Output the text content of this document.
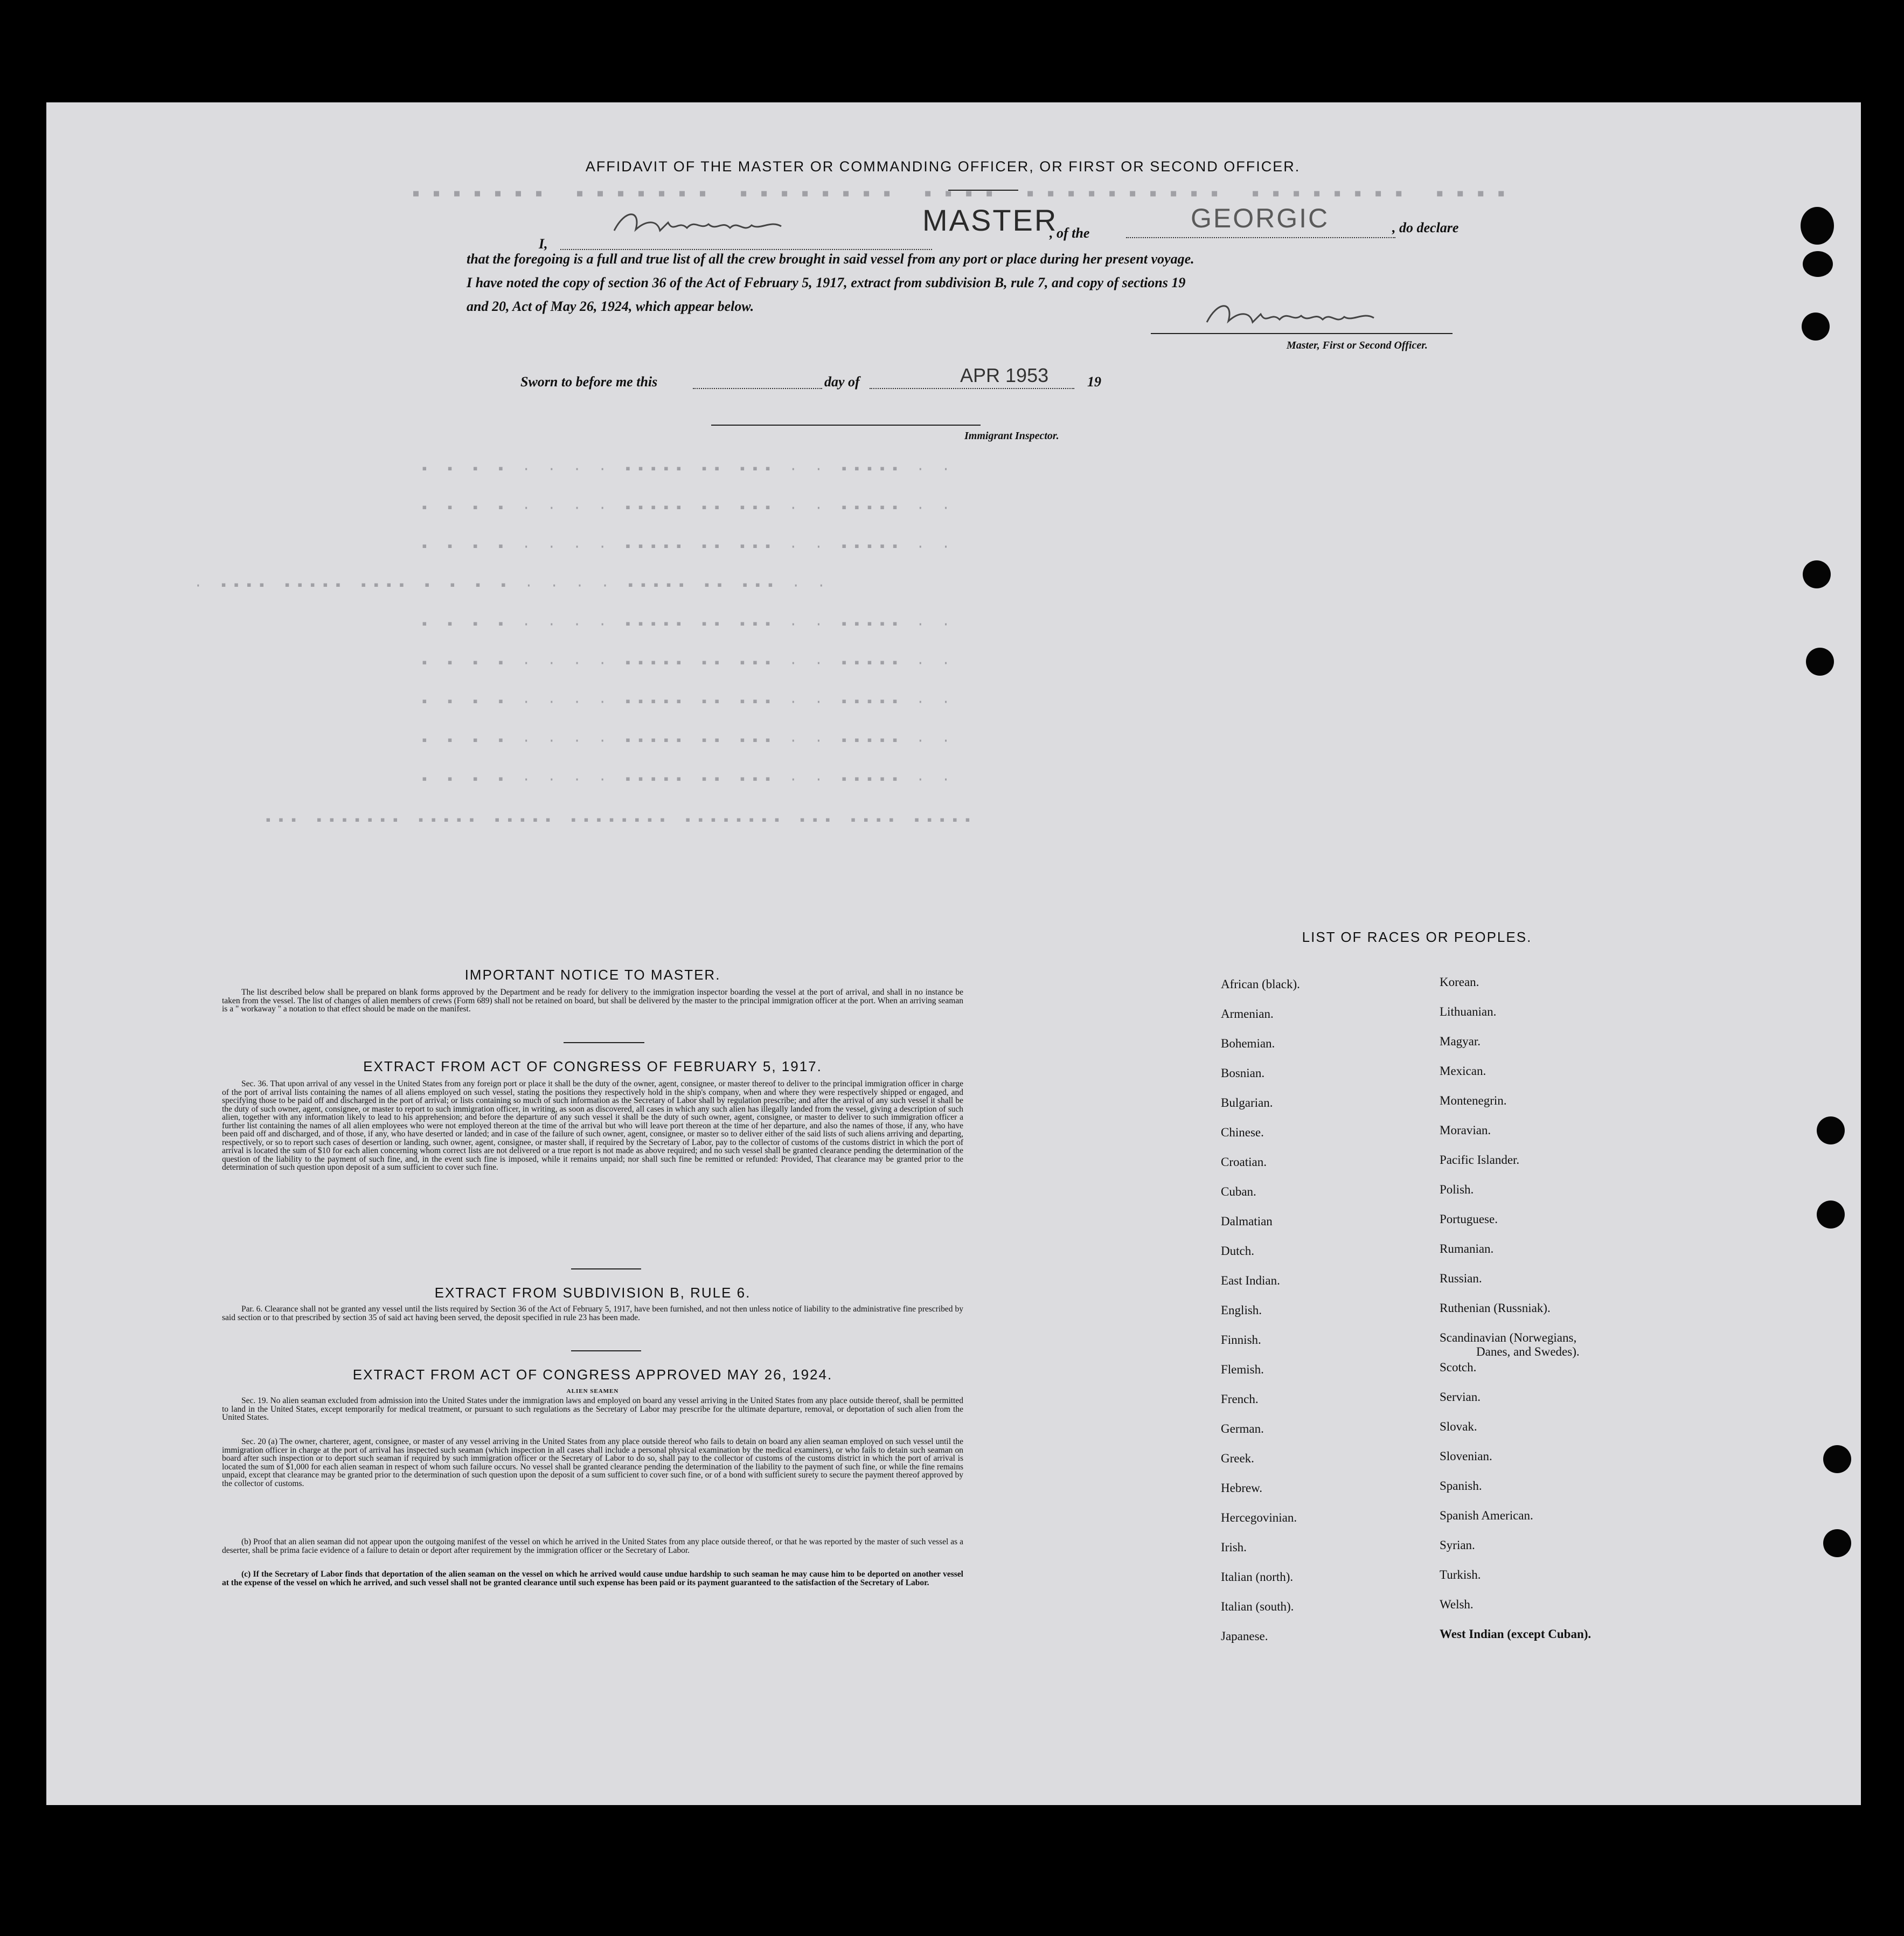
▪▪▪▪▪▪▪ ▪▪▪▪▪▪▪ ▪▪▪▪▪▪▪▪ ▪▪▪▪ ▪▪▪▪▪▪▪▪▪▪ ▪▪▪▪▪▪▪▪ ▪▪▪▪
▪ ▪ ▪ ▪ · · · · ▪▪▪▪▪ ▪▪ ▪▪▪ · · ▪▪▪▪▪ · ·
▪ ▪ ▪ ▪ · · · · ▪▪▪▪▪ ▪▪ ▪▪▪ · · ▪▪▪▪▪ · ·
▪ ▪ ▪ ▪ · · · · ▪▪▪▪▪ ▪▪ ▪▪▪ · · ▪▪▪▪▪ · ·
· ▪▪▪▪ ▪▪▪▪▪ ▪▪▪▪ ▪ ▪ ▪ ▪ · · · · ▪▪▪▪▪ ▪▪ ▪▪▪ · ·
▪ ▪ ▪ ▪ · · · · ▪▪▪▪▪ ▪▪ ▪▪▪ · · ▪▪▪▪▪ · ·
▪ ▪ ▪ ▪ · · · · ▪▪▪▪▪ ▪▪ ▪▪▪ · · ▪▪▪▪▪ · ·
▪ ▪ ▪ ▪ · · · · ▪▪▪▪▪ ▪▪ ▪▪▪ · · ▪▪▪▪▪ · ·
▪ ▪ ▪ ▪ · · · · ▪▪▪▪▪ ▪▪ ▪▪▪ · · ▪▪▪▪▪ · ·
▪ ▪ ▪ ▪ · · · · ▪▪▪▪▪ ▪▪ ▪▪▪ · · ▪▪▪▪▪ · ·
▪▪▪ ▪▪▪▪▪▪▪ ▪▪▪▪▪ ▪▪▪▪▪ ▪▪▪▪▪▪▪▪ ▪▪▪▪▪▪▪▪ ▪▪▪ ▪▪▪▪ ▪▪▪▪▪
AFFIDAVIT OF THE MASTER OR COMMANDING OFFICER, OR FIRST OR SECOND OFFICER.
I,
MASTER
, of the	GEORGIC	, do declare
that the foregoing is a full and true list of all the crew brought in said vessel from any port or place during her present voyage.
I have noted the copy of section 36 of the Act of February 5, 1917, extract from subdivision B, rule 7, and copy of sections 19
and 20, Act of May 26, 1924, which appear below.
Master, First or Second Officer.
Sworn to before me this	day of	APR 1953	19
Immigrant Inspector.
IMPORTANT NOTICE TO MASTER.
The list described below shall be prepared on blank forms approved by the Department and be ready for delivery to the immigration inspector boarding the vessel at the port of arrival, and shall in no instance be taken from the vessel. The list of changes of alien members of crews (Form 689) shall not be retained on board, but shall be delivered by the master to the principal immigration officer at the port. When an arriving seaman is a " workaway " a notation to that effect should be made on the manifest.
EXTRACT FROM ACT OF CONGRESS OF FEBRUARY 5, 1917.
Sec. 36. That upon arrival of any vessel in the United States from any foreign port or place it shall be the duty of the owner, agent, consignee, or master thereof to deliver to the principal immigration officer in charge of the port of arrival lists containing the names of all aliens employed on such vessel, stating the positions they respectively hold in the ship's company, when and where they were respectively shipped or engaged, and specifying those to be paid off and discharged in the port of arrival; or lists containing so much of such information as the Secretary of Labor shall by regulation prescribe; and after the arrival of any such vessel it shall be the duty of such owner, agent, consignee, or master to report to such immigration officer, in writing, as soon as discovered, all cases in which any such alien has illegally landed from the vessel, giving a description of such alien, together with any information likely to lead to his apprehension; and before the departure of any such vessel it shall be the duty of such owner, agent, consignee, or master to deliver to such immigration officer a further list containing the names of all alien employees who were not employed thereon at the time of the arrival but who will leave port thereon at the time of her departure, and also the names of those, if any, who have been paid off and discharged, and of those, if any, who have deserted or landed; and in case of the failure of such owner, agent, consignee, or master so to deliver either of the said lists of such aliens arriving and departing, respectively, or so to report such cases of desertion or landing, such owner, agent, consignee, or master shall, if required by the Secretary of Labor, pay to the collector of customs of the customs district in which the port of arrival is located the sum of $10 for each alien concerning whom correct lists are not delivered or a true report is not made as above required; and no such vessel shall be granted clearance pending the determination of the question of the liability to the payment of such fine, and, in the event such fine is imposed, while it remains unpaid; nor shall such fine be remitted or refunded: Provided, That clearance may be granted prior to the determination of such question upon deposit of a sum sufficient to cover such fine.
EXTRACT FROM SUBDIVISION B, RULE 6.
Par. 6. Clearance shall not be granted any vessel until the lists required by Section 36 of the Act of February 5, 1917, have been furnished, and not then unless notice of liability to the administrative fine prescribed by said section or to that prescribed by section 35 of said act having been served, the deposit specified in rule 23 has been made.
EXTRACT FROM ACT OF CONGRESS APPROVED MAY 26, 1924.
ALIEN SEAMEN
Sec. 19. No alien seaman excluded from admission into the United States under the immigration laws and employed on board any vessel arriving in the United States from any place outside thereof, shall be permitted to land in the United States, except temporarily for medical treatment, or pursuant to such regulations as the Secretary of Labor may prescribe for the ultimate departure, removal, or deportation of such alien from the United States.
Sec. 20 (a) The owner, charterer, agent, consignee, or master of any vessel arriving in the United States from any place outside thereof who fails to detain on board any alien seaman employed on such vessel until the immigration officer in charge at the port of arrival has inspected such seaman (which inspection in all cases shall include a personal physical examination by the medical examiners), or who fails to detain such seaman on board after such inspection or to deport such seaman if required by such immigration officer or the Secretary of Labor to do so, shall pay to the collector of customs of the customs district in which the port of arrival is located the sum of $1,000 for each alien seaman in respect of whom such failure occurs. No vessel shall be granted clearance pending the determination of the liability to the payment of such fine, or while the fine remains unpaid, except that clearance may be granted prior to the determination of such question upon the deposit of a sum sufficient to cover such fine, or of a bond with sufficient surety to secure the payment thereof approved by the collector of customs.
(b) Proof that an alien seaman did not appear upon the outgoing manifest of the vessel on which he arrived in the United States from any place outside thereof, or that he was reported by the master of such vessel as a deserter, shall be prima facie evidence of a failure to detain or deport after requirement by the immigration officer or the Secretary of Labor.
(c) If the Secretary of Labor finds that deportation of the alien seaman on the vessel on which he arrived would cause undue hardship to such seaman he may cause him to be deported on another vessel at the expense of the vessel on which he arrived, and such vessel shall not be granted clearance until such expense has been paid or its payment guaranteed to the satisfaction of the Secretary of Labor.
LIST OF RACES OR PEOPLES.
African (black).
Armenian.
Bohemian.
Bosnian.
Bulgarian.
Chinese.
Croatian.
Cuban.
Dalmatian
Dutch.
East Indian.
English.
Finnish.
Flemish.
French.
German.
Greek.
Hebrew.
Hercegovinian.
Irish.
Italian (north).
Italian (south).
Japanese.
Korean.
Lithuanian.
Magyar.
Mexican.
Montenegrin.
Moravian.
Pacific Islander.
Polish.
Portuguese.
Rumanian.
Russian.
Ruthenian (Russniak).
Scandinavian (Norwegians,
Danes, and Swedes).
Scotch.
Servian.
Slovak.
Slovenian.
Spanish.
Spanish American.
Syrian.
Turkish.
Welsh.
West Indian (except Cuban).
